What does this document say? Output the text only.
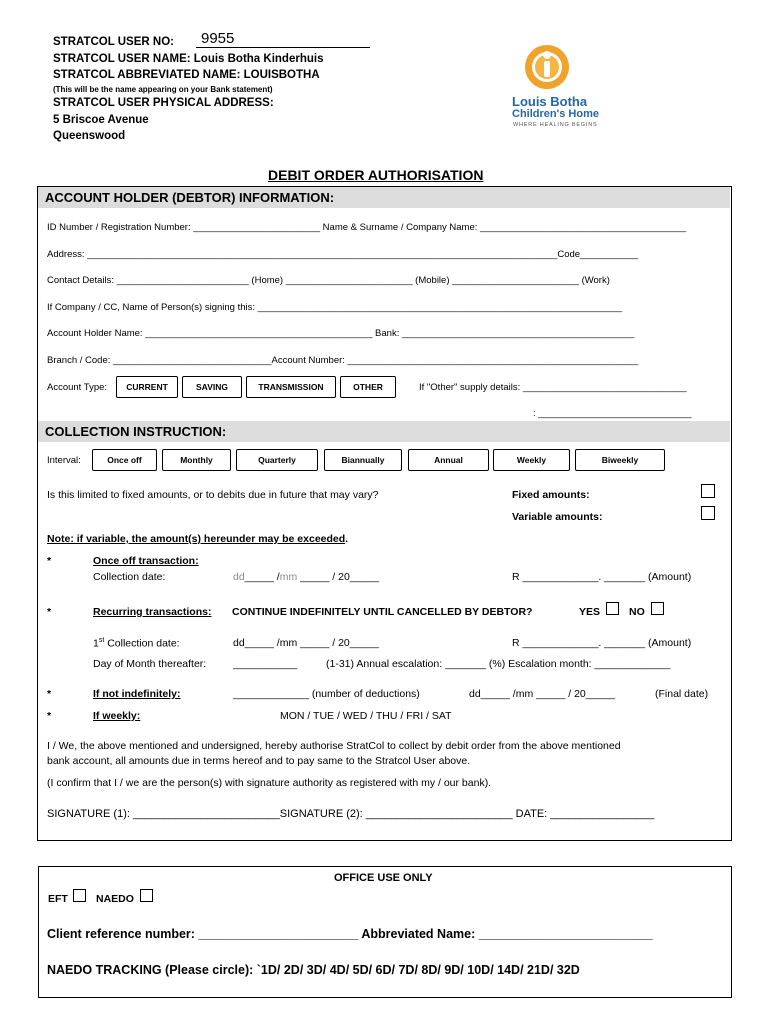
STRATCOL USER NO: 9955
STRATCOL USER NAME: Louis Botha Kinderhuis
STRATCOL ABBREVIATED NAME: LOUISBOTHA
(This will be the name appearing on your Bank statement)
STRATCOL USER PHYSICAL ADDRESS:
5 Briscoe Avenue
Queenswood
Louis Botha
Children's Home
WHERE HEALING BEGINS
DEBIT ORDER AUTHORISATION
ACCOUNT HOLDER (DEBTOR) INFORMATION:
ID Number / Registration Number: ________________________ Name & Surname / Company Name: _______________________________________
Address: _________________________________________________________________________________________Code___________
Contact Details: _________________________ (Home) ________________________ (Mobile) ________________________ (Work)
If Company / CC, Name of Person(s) signing this: _____________________________________________________________________
Account Holder Name: ___________________________________________ Bank: ____________________________________________
Branch / Code: ______________________________Account Number: _______________________________________________________
Account Type:	CURRENT	SAVING	TRANSMISSION	OTHER	If "Other" supply details: _______________________________
: _____________________________
COLLECTION INSTRUCTION:
Interval:	Once off	Monthly	Quarterly	Biannually	Annual	Weekly	Biweekly
Is this limited to fixed amounts, or to debits due in future that may vary?	Fixed amounts:
Variable amounts:
Note: if variable, the amount(s) hereunder may be exceeded.
*	Once off transaction:
Collection date:	dd_____ /mm _____ / 20_____	R _____________. _______ (Amount)
*	Recurring transactions: CONTINUE INDEFINITELY UNTIL CANCELLED BY DEBTOR?	YES	NO
1st Collection date:	dd_____ /mm _____ / 20_____	R _____________. _______ (Amount)
Day of Month thereafter:	___________	(1-31) Annual escalation: _______ (%) Escalation month: _____________
*	If not indefinitely:	_____________ (number of deductions)	dd_____ /mm _____ / 20_____	(Final date)
*	If weekly:	MON / TUE / WED / THU / FRI / SAT
I / We, the above mentioned and undersigned, hereby authorise StratCol to collect by debit order from the above mentioned
bank account, all amounts due in terms hereof and to pay same to the Stratcol User above.
(I confirm that I / we are the person(s) with signature authority as registered with my / our bank).
SIGNATURE (1): ________________________SIGNATURE (2): ________________________ DATE: _________________
OFFICE USE ONLY
EFT	NAEDO
Client reference number: _______________________ Abbreviated Name: _________________________
NAEDO TRACKING (Please circle): `1D/ 2D/ 3D/ 4D/ 5D/ 6D/ 7D/ 8D/ 9D/ 10D/ 14D/ 21D/ 32D
